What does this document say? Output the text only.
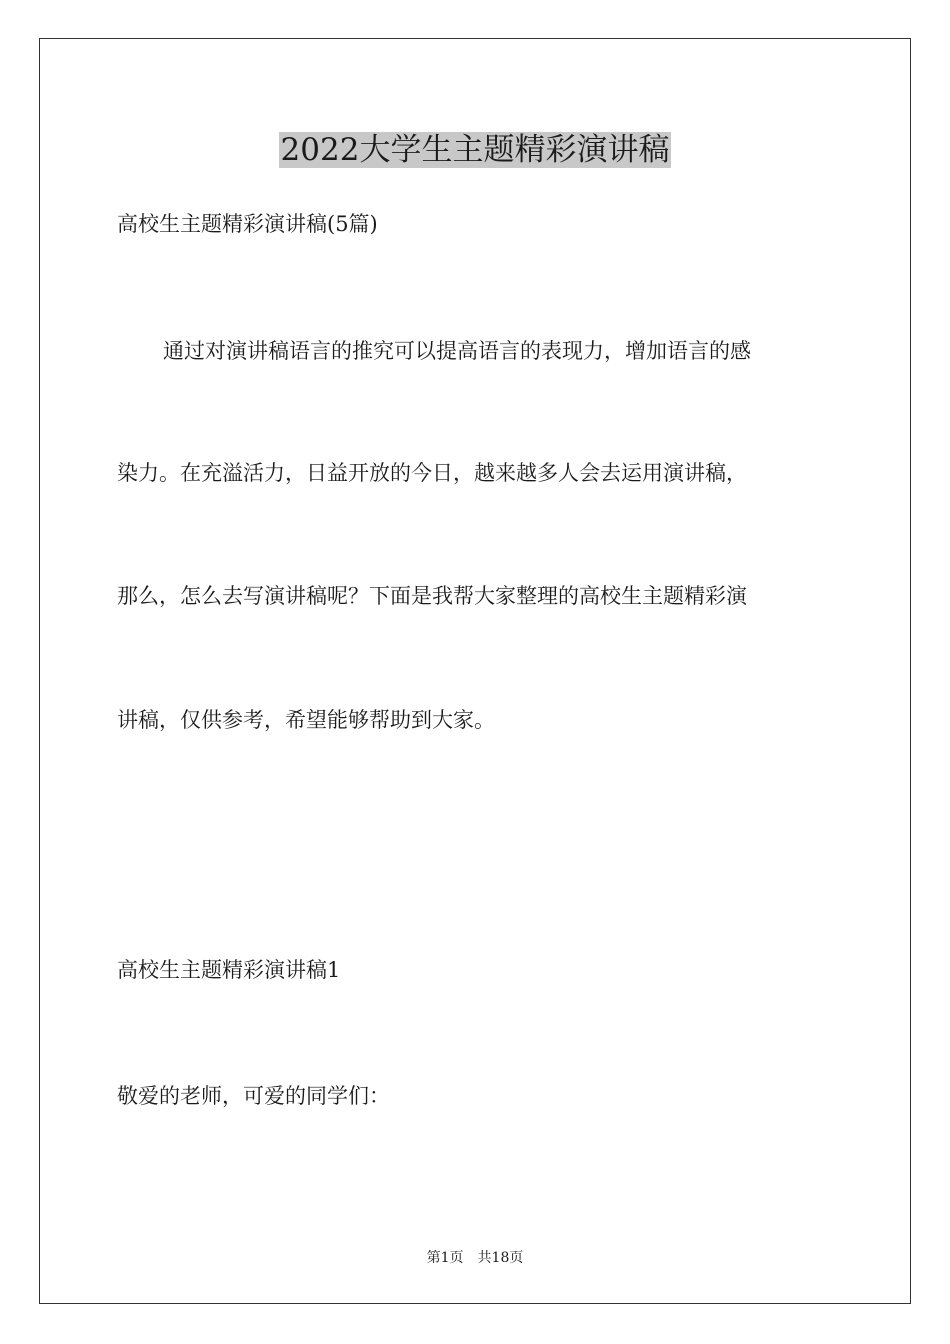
2022大学生主题精彩演讲稿

高校生主题精彩演讲稿(5篇)

通过对演讲稿语言的推究可以提高语言的表现力，增加语言的感

染力。在充溢活力，日益开放的今日，越来越多人会去运用演讲稿，

那么，怎么去写演讲稿呢？下面是我帮大家整理的高校生主题精彩演

讲稿，仅供参考，希望能够帮助到大家。

高校生主题精彩演讲稿1

敬爱的老师，可爱的同学们：

第1页 共18页
